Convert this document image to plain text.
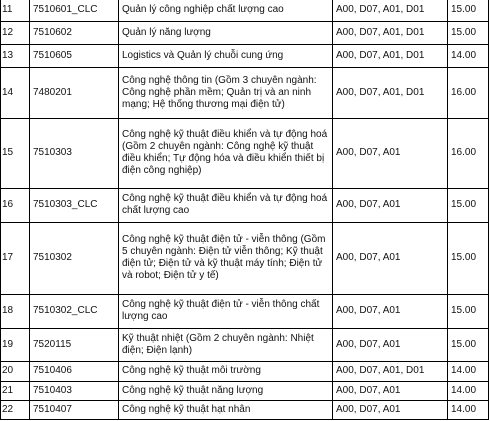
11	7510601_CLC	Quản lý công nghiệp chất lượng cao	A00, D07, A01, D01	15.00
12	7510602	Quản lý năng lượng	A00, D07, A01, D01	15.00
13	7510605	Logistics và Quản lý chuỗi cung ứng	A00, D07, A01, D01	14.00
14	7480201	Công nghệ thông tin (Gồm 3 chuyên ngành: Công nghệ phần mềm; Quản trị và an ninh mạng; Hệ thống thương mại điện tử)	A00, D07, A01, D01	16.00
15	7510303	Công nghệ kỹ thuật điều khiển và tự động hoá (Gồm 2 chuyên ngành: Công nghệ kỹ thuật điều khiển; Tự động hóa và điều khiển thiết bị điện công nghiệp)	A00, D07, A01	16.00
16	7510303_CLC	Công nghệ kỹ thuật điều khiển và tự động hoá chất lượng cao	A00, D07, A01	15.00
17	7510302	Công nghệ kỹ thuật điện tử - viễn thông (Gồm 5 chuyên ngành: Điện tử viễn thông; Kỹ thuật điện tử; Điện tử và kỹ thuật máy tính; Điện tử và robot; Điện tử y tế)	A00, D07, A01	15.00
18	7510302_CLC	Công nghệ kỹ thuật điện tử - viễn thông chất lượng cao	A00, D07, A01	15.00
19	7520115	Kỹ thuật nhiệt (Gồm 2 chuyên ngành: Nhiệt điện; Điện lạnh)	A00, D07, A01	15.00
20	7510406	Công nghệ kỹ thuật môi trường	A00, D07, A01, D01	14.00
21	7510403	Công nghệ kỹ thuật năng lượng	A00, D07, A01	14.00
22	7510407	Công nghệ kỹ thuật hạt nhân	A00, D07, A01	14.00
